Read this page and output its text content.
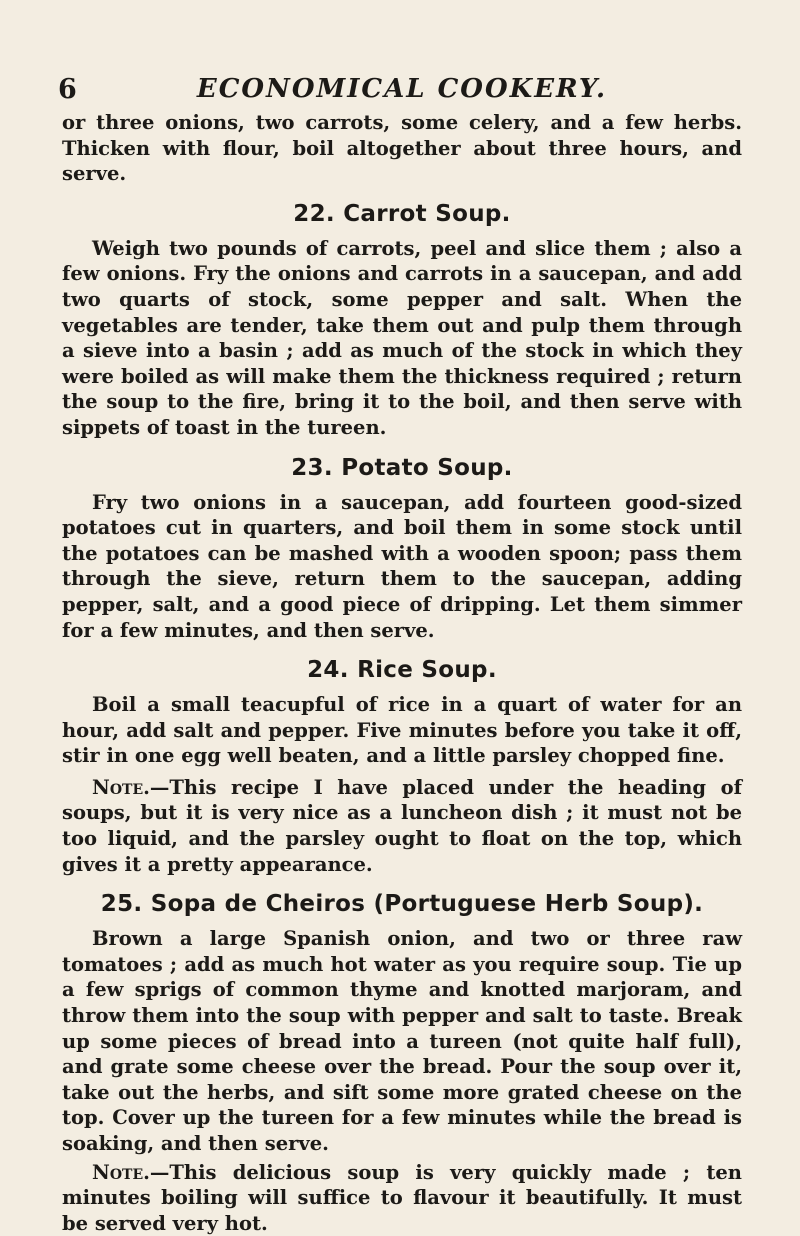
6	ECONOMICAL COOKERY.

or three onions, two carrots, some celery, and a few herbs. Thicken with flour, boil altogether about three hours, and serve.

22. Carrot Soup.

Weigh two pounds of carrots, peel and slice them ; also a few onions. Fry the onions and carrots in a saucepan, and add two quarts of stock, some pepper and salt. When the vegetables are tender, take them out and pulp them through a sieve into a basin ; add as much of the stock in which they were boiled as will make them the thickness required ; return the soup to the fire, bring it to the boil, and then serve with sippets of toast in the tureen.

23. Potato Soup.

Fry two onions in a saucepan, add fourteen good-sized potatoes cut in quarters, and boil them in some stock until the potatoes can be mashed with a wooden spoon; pass them through the sieve, return them to the saucepan, adding pepper, salt, and a good piece of dripping. Let them simmer for a few minutes, and then serve.

24. Rice Soup.

Boil a small teacupful of rice in a quart of water for an hour, add salt and pepper. Five minutes before you take it off, stir in one egg well beaten, and a little parsley chopped fine.

Note.—This recipe I have placed under the heading of soups, but it is very nice as a luncheon dish ; it must not be too liquid, and the parsley ought to float on the top, which gives it a pretty appearance.

25. Sopa de Cheiros (Portuguese Herb Soup).

Brown a large Spanish onion, and two or three raw tomatoes ; add as much hot water as you require soup. Tie up a few sprigs of common thyme and knotted marjoram, and throw them into the soup with pepper and salt to taste. Break up some pieces of bread into a tureen (not quite half full), and grate some cheese over the bread. Pour the soup over it, take out the herbs, and sift some more grated cheese on the top. Cover up the tureen for a few minutes while the bread is soaking, and then serve.

Note.—This delicious soup is very quickly made ; ten minutes boiling will suffice to flavour it beautifully. It must be served very hot.
